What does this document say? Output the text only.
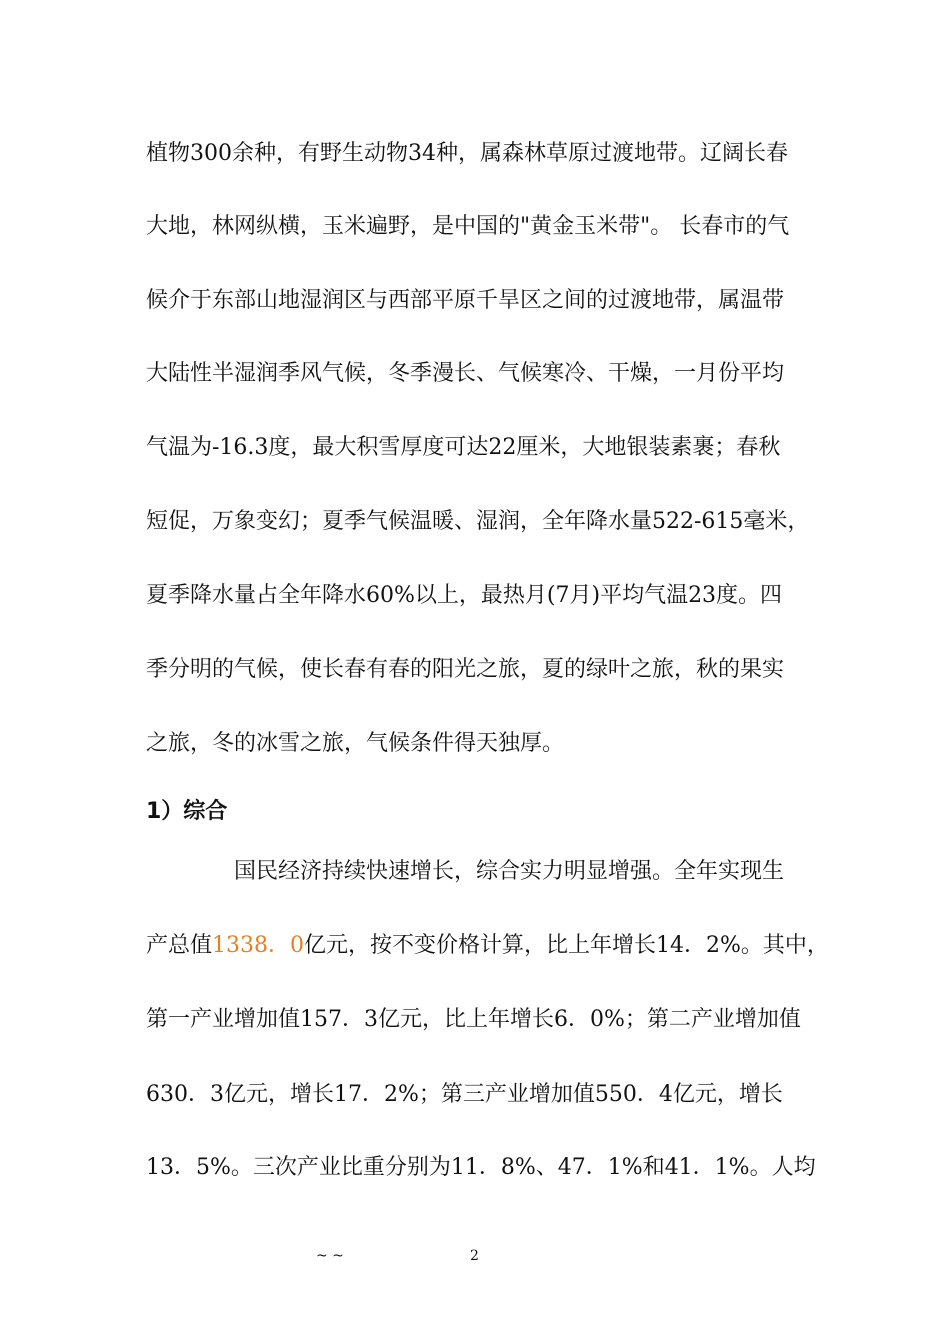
植物300余种，有野生动物34种，属森林草原过渡地带。辽阔长春
大地，林网纵横，玉米遍野，是中国的"黄金玉米带"。 长春市的气
候介于东部山地湿润区与西部平原千旱区之间的过渡地带，属温带
大陆性半湿润季风气候，冬季漫长、气候寒冷、干燥，一月份平均
气温为-16.3度，最大积雪厚度可达22厘米，大地银装素裹；春秋
短促，万象变幻；夏季气候温暖、湿润，全年降水量522-615毫米，
夏季降水量占全年降水60%以上，最热月(7月)平均气温23度。四
季分明的气候，使长春有春的阳光之旅，夏的绿叶之旅，秋的果实
之旅，冬的冰雪之旅，气候条件得天独厚。
1）综合
国民经济持续快速增长，综合实力明显增强。全年实现生
产总值1338．0亿元，按不变价格计算，比上年增长14．2%。其中，
第一产业增加值157．3亿元，比上年增长6．0%；第二产业增加值
630．3亿元，增长17．2%；第三产业增加值550．4亿元，增长
13．5%。三次产业比重分别为11．8%、47．1%和41．1%。人均
~ ~	2
